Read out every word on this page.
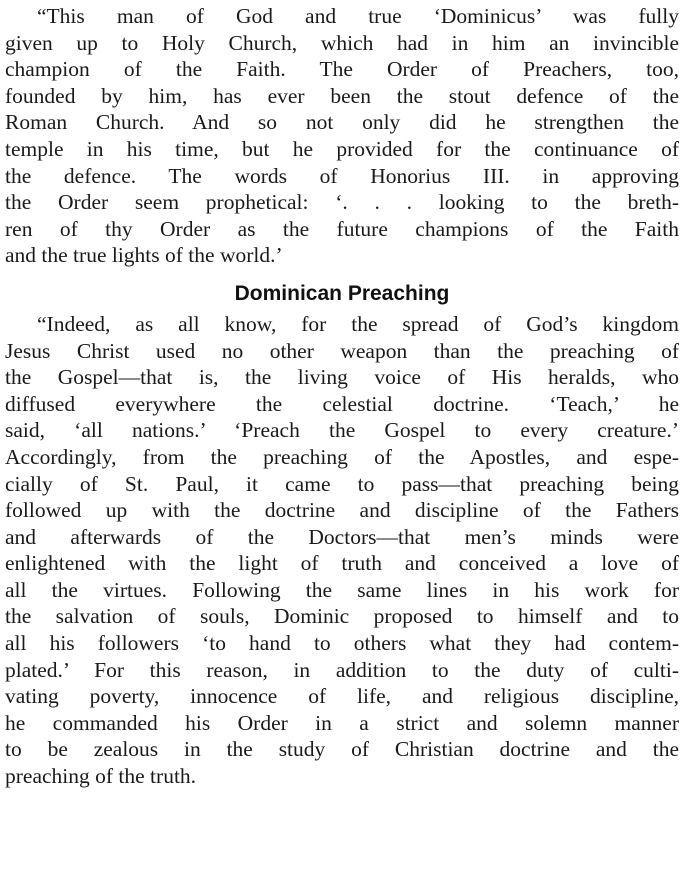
“This man of God and true ‘Dominicus’ was fully
given up to Holy Church, which had in him an invincible
champion of the Faith. The Order of Preachers, too,
founded by him, has ever been the stout defence of the
Roman Church. And so not only did he strengthen the
temple in his time, but he provided for the continuance of
the defence. The words of Honorius III. in approving
the Order seem prophetical: ‘. . . looking to the breth-
ren of thy Order as the future champions of the Faith
and the true lights of the world.’
Dominican Preaching
“Indeed, as all know, for the spread of God’s kingdom
Jesus Christ used no other weapon than the preaching of
the Gospel—that is, the living voice of His heralds, who
diffused everywhere the celestial doctrine. ‘Teach,’ he
said, ‘all nations.’ ‘Preach the Gospel to every creature.’
Accordingly, from the preaching of the Apostles, and espe-
cially of St. Paul, it came to pass—that preaching being
followed up with the doctrine and discipline of the Fathers
and afterwards of the Doctors—that men’s minds were
enlightened with the light of truth and conceived a love of
all the virtues. Following the same lines in his work for
the salvation of souls, Dominic proposed to himself and to
all his followers ‘to hand to others what they had contem-
plated.’ For this reason, in addition to the duty of culti-
vating poverty, innocence of life, and religious discipline,
he commanded his Order in a strict and solemn manner
to be zealous in the study of Christian doctrine and the
preaching of the truth.
